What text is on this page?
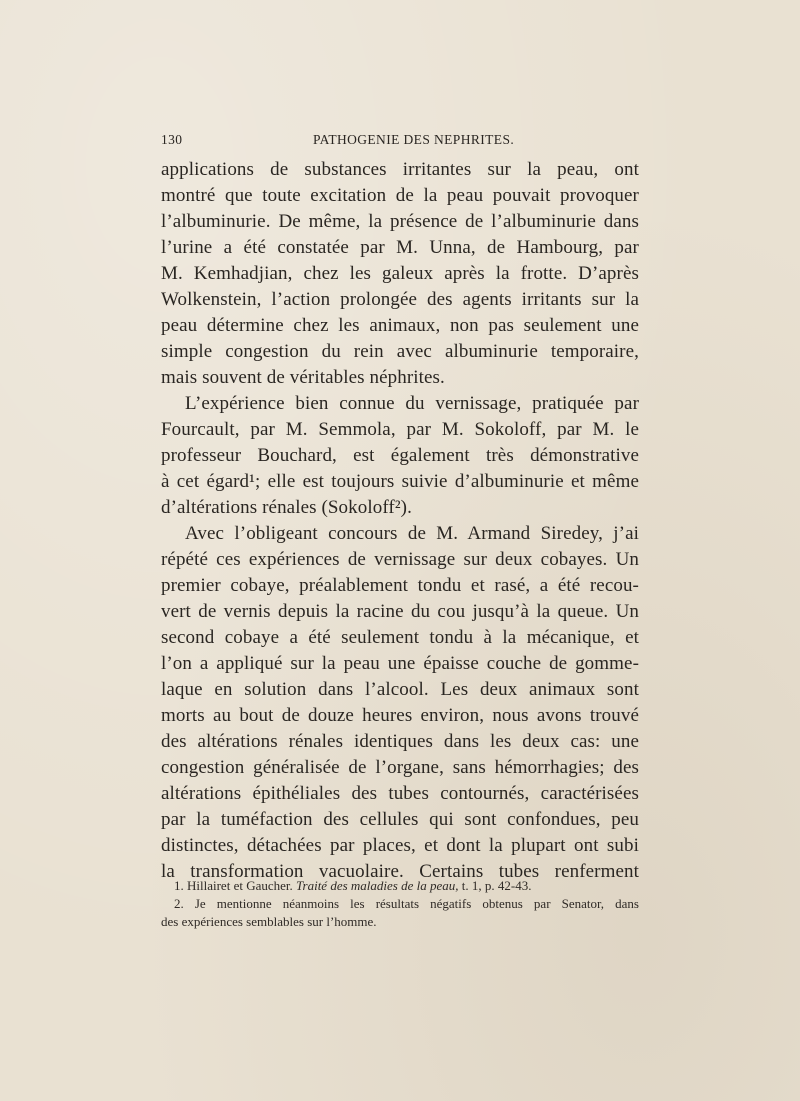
130	PATHOGENIE DES NEPHRITES.
applications de substances irritantes sur la peau, ont
montré que toute excitation de la peau pouvait provoquer
l’albuminurie. De même, la présence de l’albuminurie dans
l’urine a été constatée par M. Unna, de Hambourg, par
M. Kemhadjian, chez les galeux après la frotte. D’après
Wolkenstein, l’action prolongée des agents irritants sur la
peau détermine chez les animaux, non pas seulement une
simple congestion du rein avec albuminurie temporaire,
mais souvent de véritables néphrites.
L’expérience bien connue du vernissage, pratiquée par
Fourcault, par M. Semmola, par M. Sokoloff, par M. le
professeur Bouchard, est également très démonstrative
à cet égard¹; elle est toujours suivie d’albuminurie et même
d’altérations rénales (Sokoloff²).
Avec l’obligeant concours de M. Armand Siredey, j’ai
répété ces expériences de vernissage sur deux cobayes. Un
premier cobaye, préalablement tondu et rasé, a été recou-
vert de vernis depuis la racine du cou jusqu’à la queue. Un
second cobaye a été seulement tondu à la mécanique, et
l’on a appliqué sur la peau une épaisse couche de gomme-
laque en solution dans l’alcool. Les deux animaux sont
morts au bout de douze heures environ, nous avons trouvé
des altérations rénales identiques dans les deux cas: une
congestion généralisée de l’organe, sans hémorrhagies; des
altérations épithéliales des tubes contournés, caractérisées
par la tuméfaction des cellules qui sont confondues, peu
distinctes, détachées par places, et dont la plupart ont subi
la transformation vacuolaire. Certains tubes renferment
1. Hillairet et Gaucher. Traité des maladies de la peau, t. 1, p. 42-43.
2. Je mentionne néanmoins les résultats négatifs obtenus par Senator, dans
des expériences semblables sur l’homme.
